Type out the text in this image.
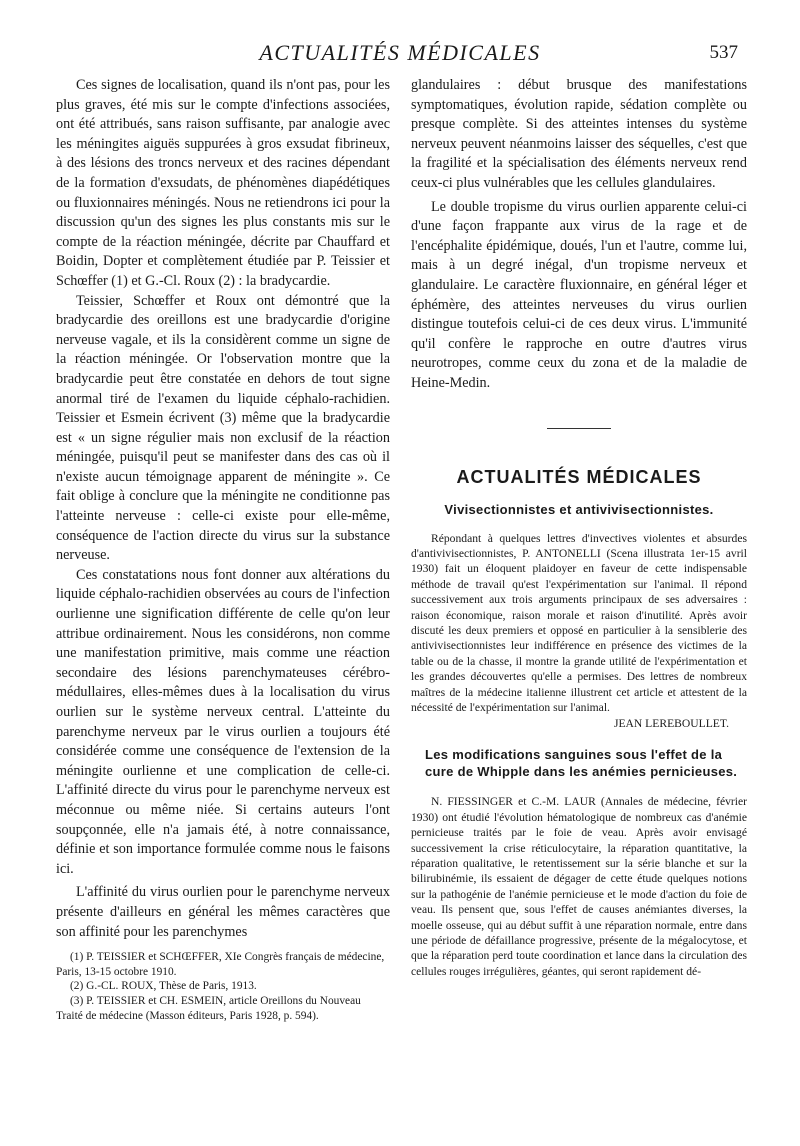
ACTUALITÉS MÉDICALES	537

Ces signes de localisation, quand ils n'ont pas, pour les plus graves, été mis sur le compte d'infections associées, ont été attribués, sans raison suffisante, par analogie avec les méningites aiguës suppurées à gros exsudat fibrineux, à des lésions des troncs nerveux et des racines dépendant de la formation d'exsudats, de phénomènes diapédétiques ou fluxionnaires méningés. Nous ne retiendrons ici pour la discussion qu'un des signes les plus constants mis sur le compte de la réaction méningée, décrite par Chauffard et Boidin, Dopter et complètement étudiée par P. Teissier et Schœffer (1) et G.-Cl. Roux (2) : la bradycardie.

Teissier, Schœffer et Roux ont démontré que la bradycardie des oreillons est une bradycardie d'origine nerveuse vagale, et ils la considèrent comme un signe de la réaction méningée. Or l'observation montre que la bradycardie peut être constatée en dehors de tout signe anormal tiré de l'examen du liquide céphalo-rachidien. Teissier et Esmein écrivent (3) même que la bradycardie est « un signe régulier mais non exclusif de la réaction méningée, puisqu'il peut se manifester dans des cas où il n'existe aucun témoignage apparent de méningite ». Ce fait oblige à conclure que la méningite ne conditionne pas l'atteinte nerveuse : celle-ci existe pour elle-même, conséquence de l'action directe du virus sur la substance nerveuse.

Ces constatations nous font donner aux altérations du liquide céphalo-rachidien observées au cours de l'infection ourlienne une signification différente de celle qu'on leur attribue ordinairement. Nous les considérons, non comme une manifestation primitive, mais comme une réaction secondaire des lésions parenchymateuses cérébro-médullaires, elles-mêmes dues à la localisation du virus ourlien sur le système nerveux central. L'atteinte du parenchyme nerveux par le virus ourlien a toujours été considérée comme une conséquence de l'extension de la méningite ourlienne et une complication de celle-ci. L'affinité directe du virus pour le parenchyme nerveux est méconnue ou même niée. Si certains auteurs l'ont soupçonnée, elle n'a jamais été, à notre connaissance, définie et son importance formulée comme nous le faisons ici.

L'affinité du virus ourlien pour le parenchyme nerveux présente d'ailleurs en général les mêmes caractères que son affinité pour les parenchymes

(1) P. TEISSIER et SCHŒFFER, XIe Congrès français de médecine, Paris, 13-15 octobre 1910.

(2) G.-CL. ROUX, Thèse de Paris, 1913.

(3) P. TEISSIER et CH. ESMEIN, article Oreillons du Nouveau Traité de médecine (Masson éditeurs, Paris 1928, p. 594).

glandulaires : début brusque des manifestations symptomatiques, évolution rapide, sédation complète ou presque complète. Si des atteintes intenses du système nerveux peuvent néanmoins laisser des séquelles, c'est que la fragilité et la spécialisation des éléments nerveux rend ceux-ci plus vulnérables que les cellules glandulaires.

Le double tropisme du virus ourlien apparente celui-ci d'une façon frappante aux virus de la rage et de l'encéphalite épidémique, doués, l'un et l'autre, comme lui, mais à un degré inégal, d'un tropisme nerveux et glandulaire. Le caractère fluxionnaire, en général léger et éphémère, des atteintes nerveuses du virus ourlien distingue toutefois celui-ci de ces deux virus. L'immunité qu'il confère le rapproche en outre d'autres virus neurotropes, comme ceux du zona et de la maladie de Heine-Medin.

ACTUALITÉS MÉDICALES
Vivisectionnistes et antivivisectionnistes.

Répondant à quelques lettres d'invectives violentes et absurdes d'antivivisectionnistes, P. ANTONELLI (Scena illustrata 1er-15 avril 1930) fait un éloquent plaidoyer en faveur de cette indispensable méthode de travail qu'est l'expérimentation sur l'animal. Il répond successivement aux trois arguments principaux de ses adversaires : raison économique, raison morale et raison d'inutilité. Après avoir discuté les deux premiers et opposé en particulier à la sensiblerie des antivivisectionnistes leur indifférence en présence des victimes de la table ou de la chasse, il montre la grande utilité de l'expérimentation et les grandes découvertes qu'elle a permises. Des lettres de nombreux maîtres de la médecine italienne illustrent cet article et attestent de la nécessité de l'expérimentation sur l'animal.

JEAN LEREBOULLET.
Les modifications sanguines sous l'effet de la cure de Whipple dans les anémies pernicieuses.

N. FIESSINGER et C.-M. LAUR (Annales de médecine, février 1930) ont étudié l'évolution hématologique de nombreux cas d'anémie pernicieuse traités par le foie de veau. Après avoir envisagé successivement la crise réticulocytaire, la réparation quantitative, la réparation qualitative, le retentissement sur la série blanche et sur la bilirubinémie, ils essaient de dégager de cette étude quelques notions sur la pathogénie de l'anémie pernicieuse et le mode d'action du foie de veau. Ils pensent que, sous l'effet de causes anémiantes diverses, la moelle osseuse, qui au début suffit à une réparation normale, entre dans une période de défaillance progressive, présente de la mégalocytose, et que la réparation perd toute coordination et lance dans la circulation des cellules rouges irrégulières, géantes, qui seront rapidement dé-
